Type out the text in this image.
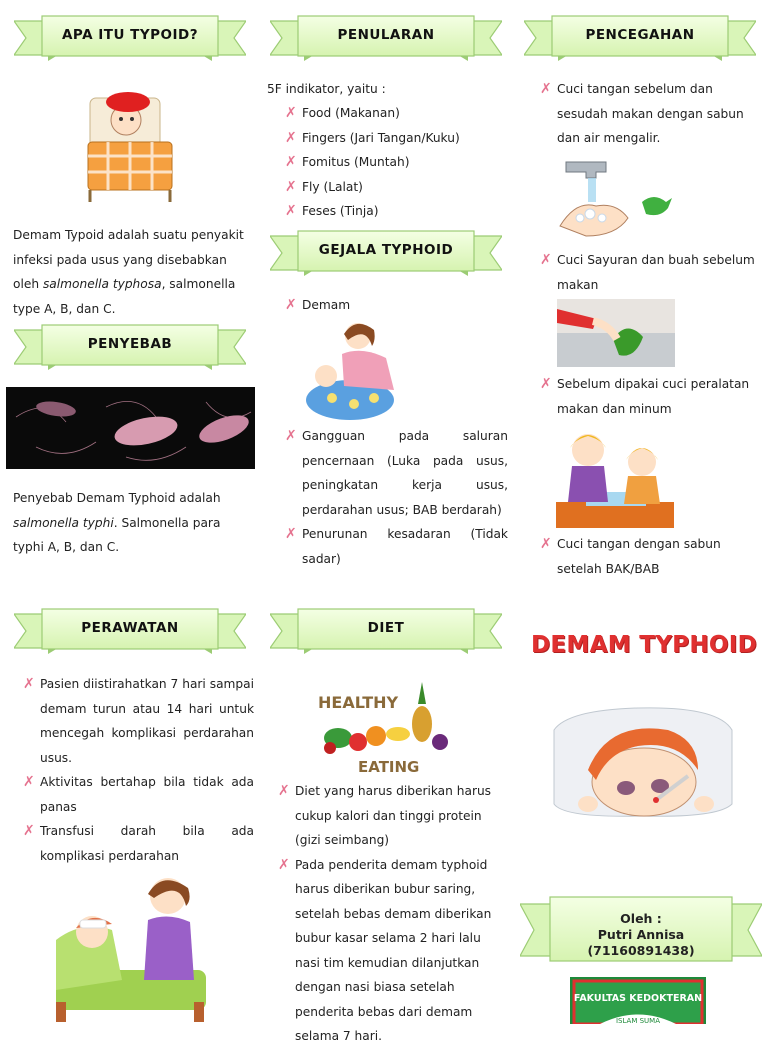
APA ITU TYPOID?	PENULARAN	PENCEGAHAN
PENYEBAB
GEJALA TYPHOID
PERAWATAN	DIET
Oleh :
Putri Annisa
(71160891438)
Demam Typoid adalah suatu penyakit infeksi pada usus yang disebabkan oleh salmonella typhosa, salmonella type A, B, dan C.
Penyebab Demam Typhoid adalah salmonella typhi. Salmonella para typhi A, B, dan C.
✗ Pasien diistirahatkan 7 hari sampai demam turun atau 14 hari untuk mencegah komplikasi perdarahan usus.
✗ Aktivitas bertahap bila tidak ada panas
✗ Transfusi darah bila ada komplikasi perdarahan
5F indikator, yaitu :
✗ Food (Makanan)
✗ Fingers (Jari Tangan/Kuku)
✗ Fomitus (Muntah)
✗ Fly (Lalat)
✗ Feses (Tinja)
✗ Demam
✗ Gangguan pada saluran pencernaan (Luka pada usus, peningkatan kerja usus, perdarahan usus; BAB berdarah)
✗ Penurunan kesadaran (Tidak sadar)
HEALTHY
EATING
✗ Diet yang harus diberikan harus cukup kalori dan tinggi protein (gizi seimbang)
✗ Pada penderita demam typhoid harus diberikan bubur saring, setelah bebas demam diberikan bubur kasar selama 2 hari lalu nasi tim kemudian dilanjutkan dengan nasi biasa setelah penderita bebas dari demam selama 7 hari.
✗ Cuci tangan sebelum dan sesudah makan dengan sabun dan air mengalir.
✗ Cuci Sayuran dan buah sebelum makan
✗ Sebelum dipakai cuci peralatan makan dan minum
✗ Cuci tangan dengan sabun setelah BAK/BAB
DEMAM TYPHOID
FAKULTAS KEDOKTERAN
ISLAM SUMA
